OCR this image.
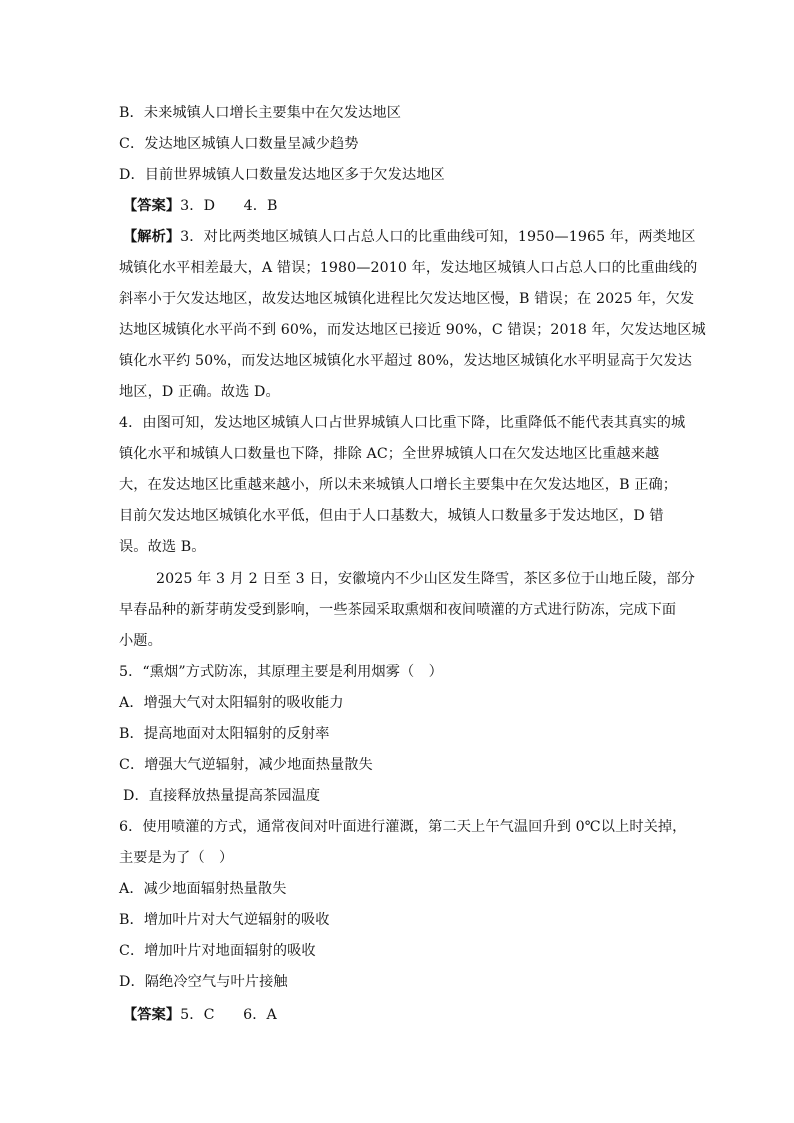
B．未来城镇人口增长主要集中在欠发达地区
C．发达地区城镇人口数量呈减少趋势
D．目前世界城镇人口数量发达地区多于欠发达地区
【答案】3．D　　4．B
【解析】3．对比两类地区城镇人口占总人口的比重曲线可知，1950—1965 年，两类地区
城镇化水平相差最大，A 错误；1980—2010 年，发达地区城镇人口占总人口的比重曲线的
斜率小于欠发达地区，故发达地区城镇化进程比欠发达地区慢，B 错误；在 2025 年，欠发
达地区城镇化水平尚不到 60%，而发达地区已接近 90%，C 错误；2018 年，欠发达地区城
镇化水平约 50%，而发达地区城镇化水平超过 80%，发达地区城镇化水平明显高于欠发达
地区，D 正确。故选 D。
4．由图可知，发达地区城镇人口占世界城镇人口比重下降，比重降低不能代表其真实的城
镇化水平和城镇人口数量也下降，排除 AC；全世界城镇人口在欠发达地区比重越来越
大，在发达地区比重越来越小，所以未来城镇人口增长主要集中在欠发达地区，B 正确；
目前欠发达地区城镇化水平低，但由于人口基数大，城镇人口数量多于发达地区，D 错
误。故选 B。
2025 年 3 月 2 日至 3 日，安徽境内不少山区发生降雪，茶区多位于山地丘陵，部分
早春品种的新芽萌发受到影响，一些茶园采取熏烟和夜间喷灌的方式进行防冻，完成下面
小题。
5．“熏烟”方式防冻，其原理主要是利用烟雾（　）
A．增强大气对太阳辐射的吸收能力
B．提高地面对太阳辐射的反射率
C．增强大气逆辐射，减少地面热量散失
D．直接释放热量提高茶园温度
6．使用喷灌的方式，通常夜间对叶面进行灌溉，第二天上午气温回升到 0℃以上时关掉，
主要是为了（　）
A．减少地面辐射热量散失
B．增加叶片对大气逆辐射的吸收
C．增加叶片对地面辐射的吸收
D．隔绝冷空气与叶片接触
【答案】5．C　　6．A
